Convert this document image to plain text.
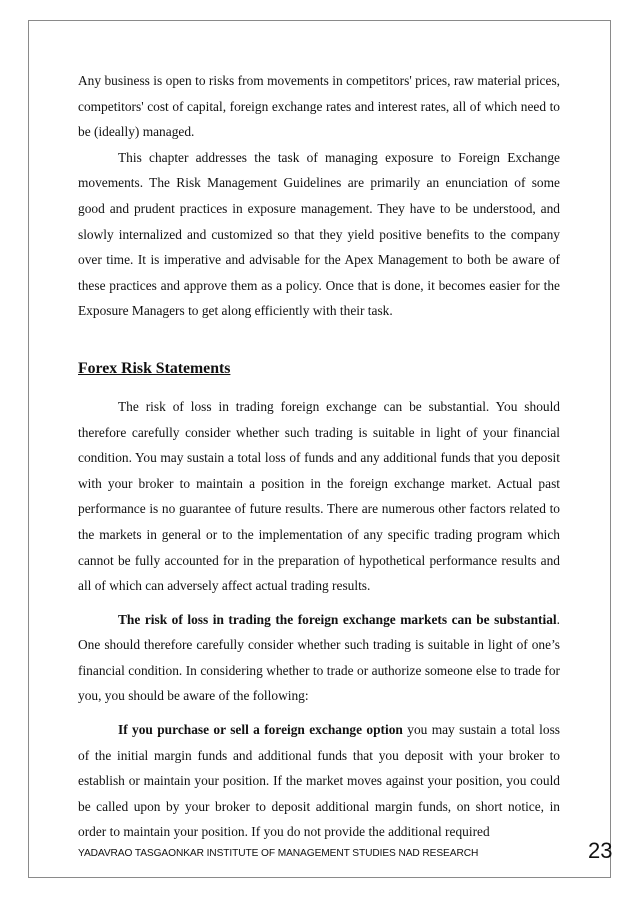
Any business is open to risks from movements in competitors' prices, raw material prices, competitors' cost of capital, foreign exchange rates and interest rates, all of which need to be (ideally) managed.

This chapter addresses the task of managing exposure to Foreign Exchange movements. The Risk Management Guidelines are primarily an enunciation of some good and prudent practices in exposure management. They have to be understood, and slowly internalized and customized so that they yield positive benefits to the company over time. It is imperative and advisable for the Apex Management to both be aware of these practices and approve them as a policy. Once that is done, it becomes easier for the Exposure Managers to get along efficiently with their task.

Forex Risk Statements

The risk of loss in trading foreign exchange can be substantial. You should therefore carefully consider whether such trading is suitable in light of your financial condition. You may sustain a total loss of funds and any additional funds that you deposit with your broker to maintain a position in the foreign exchange market. Actual past performance is no guarantee of future results. There are numerous other factors related to the markets in general or to the implementation of any specific trading program which cannot be fully accounted for in the preparation of hypothetical performance results and all of which can adversely affect actual trading results.

The risk of loss in trading the foreign exchange markets can be substantial. One should therefore carefully consider whether such trading is suitable in light of one’s financial condition. In considering whether to trade or authorize someone else to trade for you, you should be aware of the following:

If you purchase or sell a foreign exchange option you may sustain a total loss of the initial margin funds and additional funds that you deposit with your broker to establish or maintain your position. If the market moves against your position, you could be called upon by your broker to deposit additional margin funds, on short notice, in order to maintain your position. If you do not provide the additional required

YADAVRAO TASGAONKAR INSTITUTE OF MANAGEMENT STUDIES NAD RESEARCH	23
